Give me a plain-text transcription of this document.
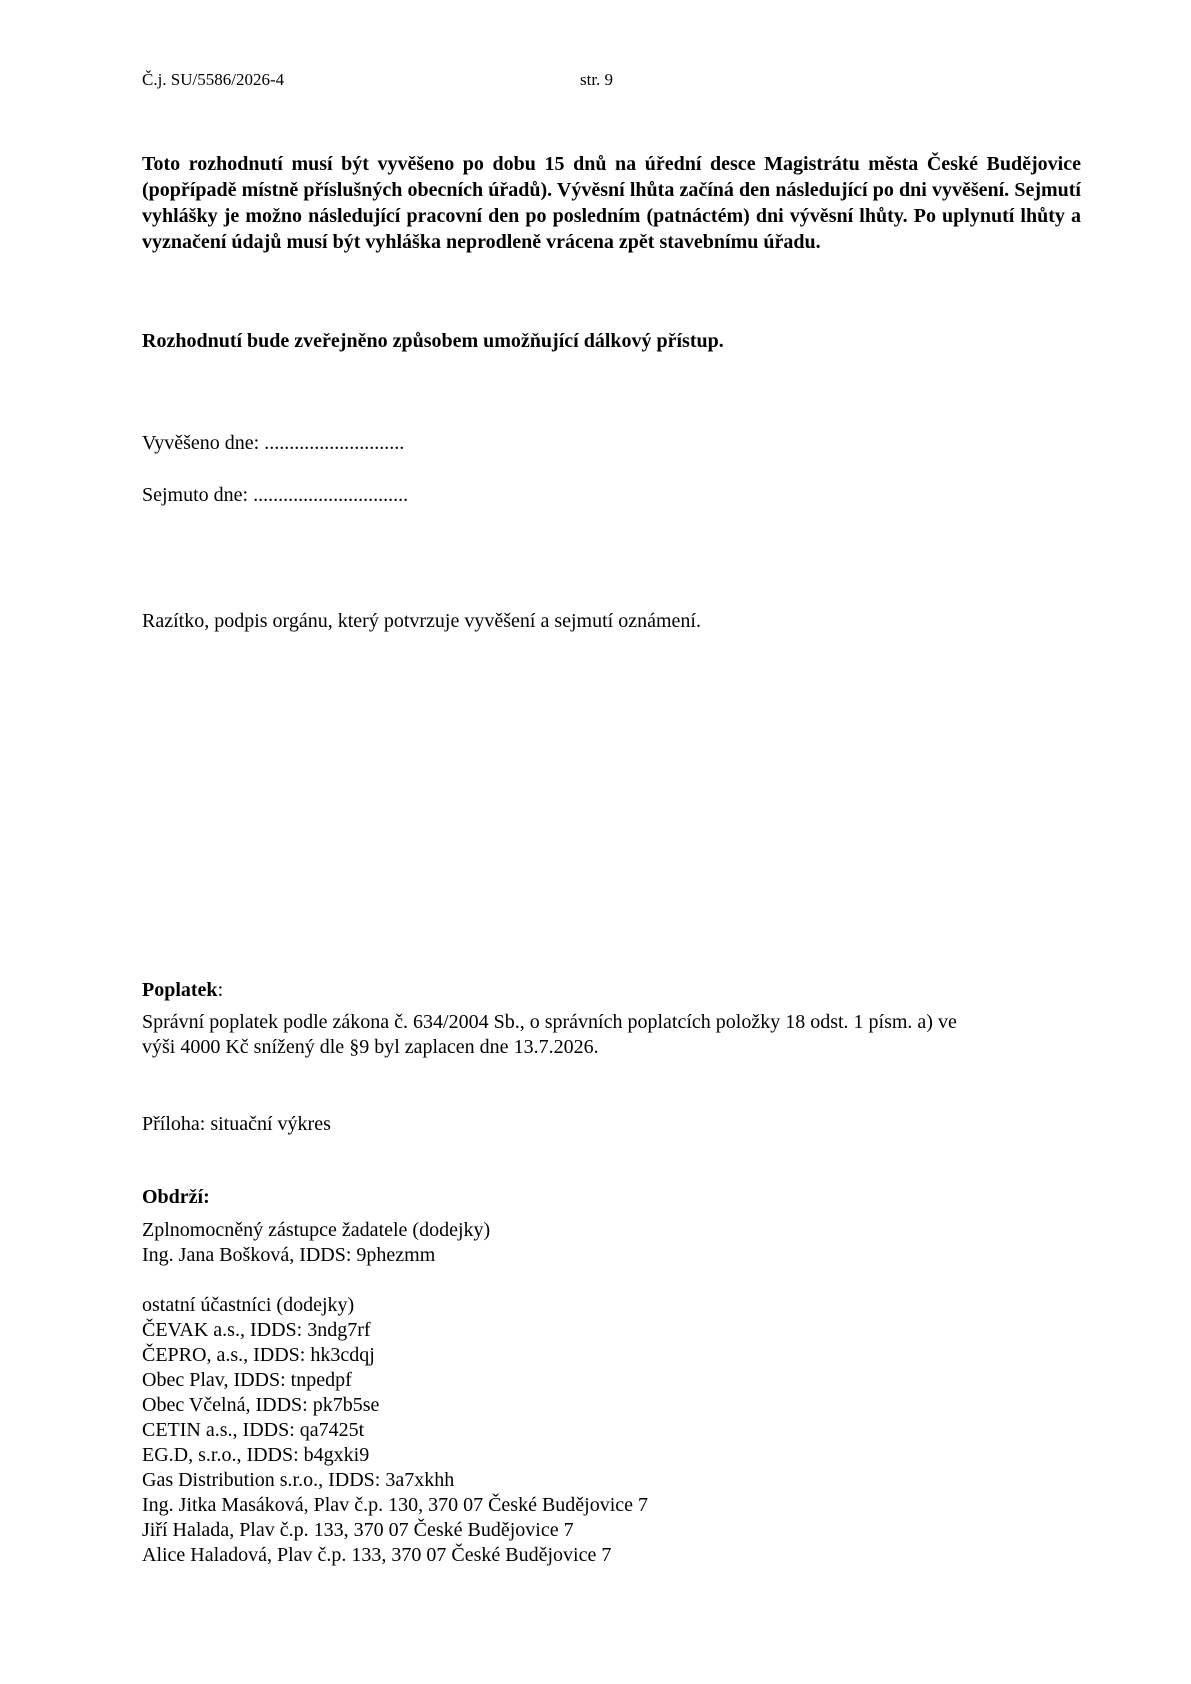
Č.j. SU/5586/2026-4	str. 9

Toto rozhodnutí musí být vyvěšeno po dobu 15 dnů na úřední desce Magistrátu města České Budějovice (popřípadě místně příslušných obecních úřadů). Vývěsní lhůta začíná den následující po dni vyvěšení. Sejmutí vyhlášky je možno následující pracovní den po posledním (patnáctém) dni vývěsní lhůty. Po uplynutí lhůty a vyznačení údajů musí být vyhláška neprodleně vrácena zpět stavebnímu úřadu.

Rozhodnutí bude zveřejněno způsobem umožňující dálkový přístup.
Vyvěšeno dne: ............................
Sejmuto dne: ...............................
Razítko, podpis orgánu, který potvrzuje vyvěšení a sejmutí oznámení.
Poplatek:
Správní poplatek podle zákona č. 634/2004 Sb., o správních poplatcích položky 18 odst. 1 písm. a) ve
výši 4000 Kč snížený dle §9 byl zaplacen dne 13.7.2026.
Příloha: situační výkres
Obdrží:
Zplnomocněný zástupce žadatele (dodejky)
Ing. Jana Bošková, IDDS: 9phezmm
ostatní účastníci (dodejky)
ČEVAK a.s., IDDS: 3ndg7rf
ČEPRO, a.s., IDDS: hk3cdqj
Obec Plav, IDDS: tnpedpf
Obec Včelná, IDDS: pk7b5se
CETIN a.s., IDDS: qa7425t
EG.D, s.r.o., IDDS: b4gxki9
Gas Distribution s.r.o., IDDS: 3a7xkhh
Ing. Jitka Masáková, Plav č.p. 130, 370 07 České Budějovice 7
Jiří Halada, Plav č.p. 133, 370 07 České Budějovice 7
Alice Haladová, Plav č.p. 133, 370 07 České Budějovice 7
